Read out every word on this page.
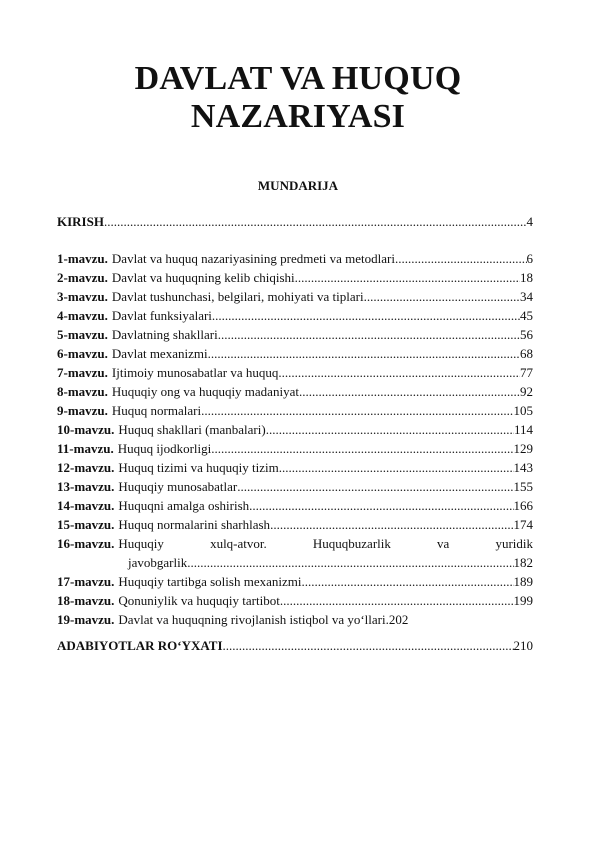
DAVLAT VA HUQUQ
NAZARIYASI
MUNDARIJA
KIRISH .....	4
1-mavzu. Davlat va huquq nazariyasining predmeti va metodlari .....	6
2-mavzu. Davlat va huquqning kelib chiqishi .....	18
3-mavzu. Davlat tushunchasi, belgilari, mohiyati va tiplari .....	34
4-mavzu. Davlat funksiyalari .....	45
5-mavzu. Davlatning shakllari .....	56
6-mavzu. Davlat mexanizmi .....	68
7-mavzu. Ijtimoiy munosabatlar va huquq .....	77
8-mavzu. Huquqiy ong va huquqiy madaniyat .....	92
9-mavzu. Huquq normalari .....	105
10-mavzu. Huquq shakllari (manbalari) .....	114
11-mavzu. Huquq ijodkorligi .....	129
12-mavzu. Huquq tizimi va huquqiy tizim .....	143
13-mavzu. Huquqiy munosabatlar .....	155
14-mavzu. Huquqni amalga oshirish .....	166
15-mavzu. Huquq normalarini sharhlash .....	174
16-mavzu. Huquqiy	xulq-atvor.	Huquqbuzarlik	va	yuridik
javobgarlik .....	182
17-mavzu. Huquqiy tartibga solish mexanizmi .....	189
18-mavzu. Qonuniylik va huquqiy tartibot .....	199
19-mavzu. Davlat va huquqning rivojlanish istiqbol va yo‘llari. 202
ADABIYOTLAR RO‘YXATI .....	210
